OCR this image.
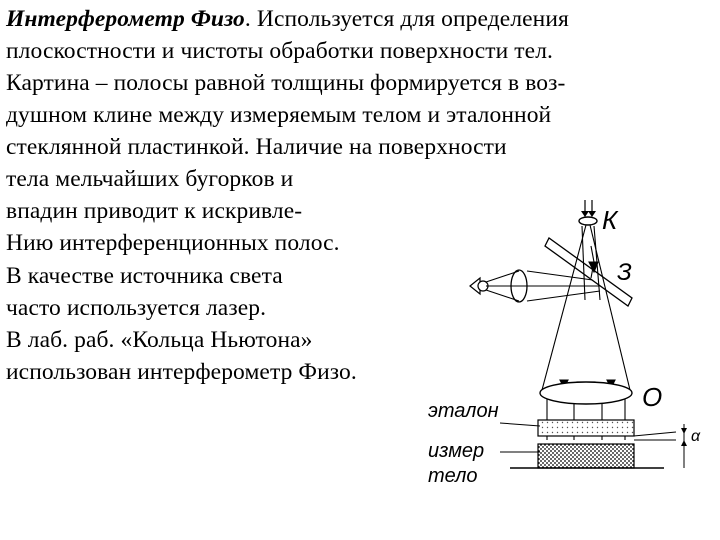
Интерферометр Физо. Используется для определения
плоскостности и чистоты обработки поверхности тел.
Картина – полосы равной толщины формируется в воз-
душном клине между измеряемым телом и эталонной
стеклянной пластинкой. Наличие на поверхности
тела мельчайших бугорков и
впадин приводит к искривле-
Нию интерференционных полос.
В качестве источника света
часто используется лазер.
В лаб. раб. «Кольца Ньютона»
использован интерферометр Физо.
К
З
О
эталон
α
измер
тело
